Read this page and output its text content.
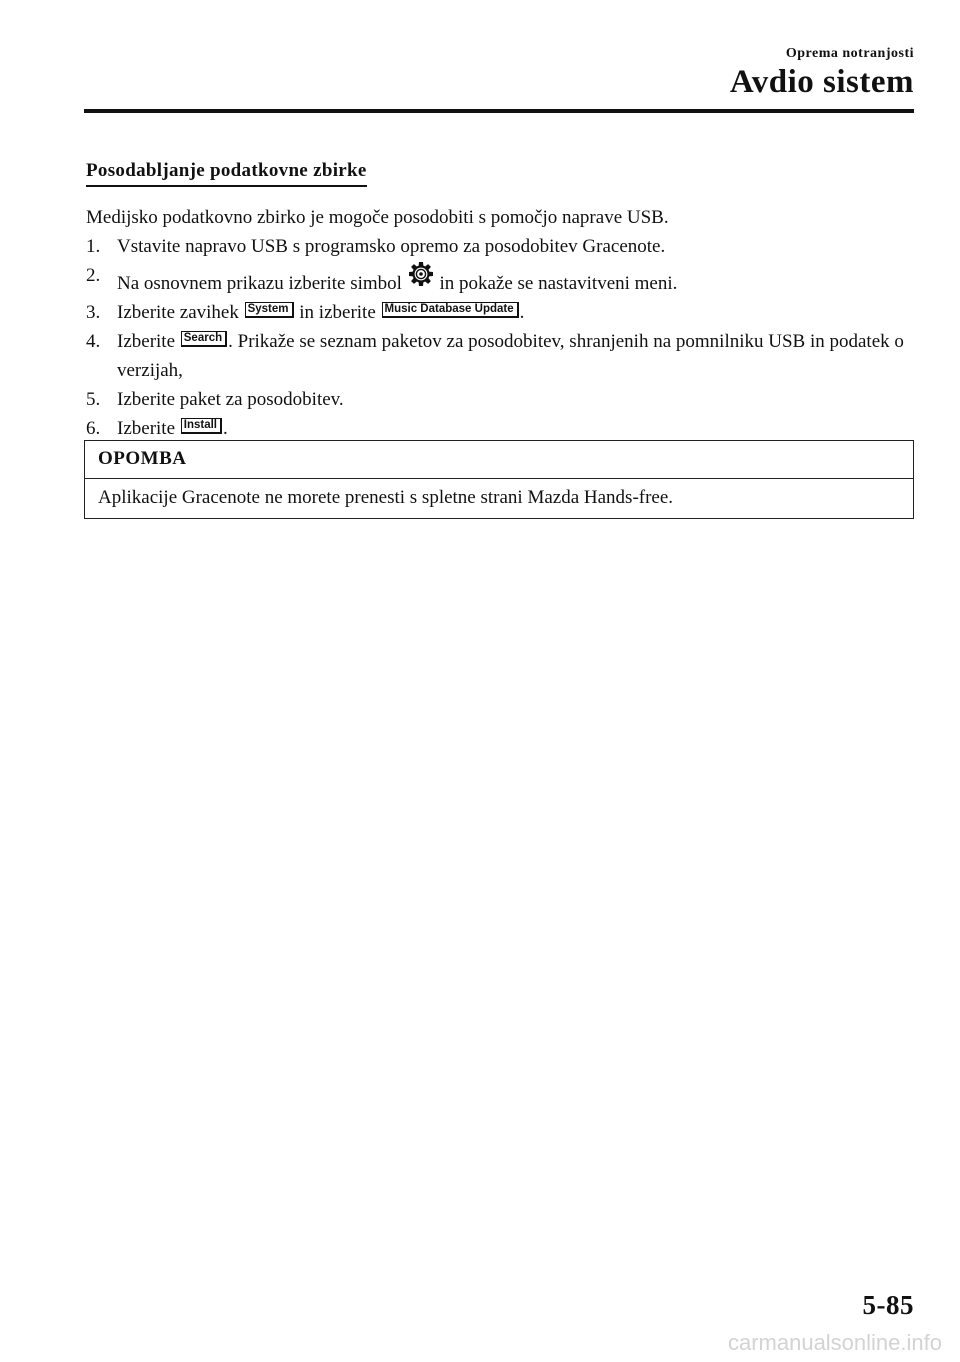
Oprema notranjosti
Avdio sistem
Posodabljanje podatkovne zbirke
Medijsko podatkovno zbirko je mogoče posodobiti s pomočjo naprave USB.
1. Vstavite napravo USB s programsko opremo za posodobitev Gracenote.
2. Na osnovnem prikazu izberite simbol in pokaže se nastavitveni meni.
3. Izberite zavihek System in izberite Music Database Update .
4. Izberite Search . Prikaže se seznam paketov za posodobitev, shranjenih na pomnilniku USB in podatek o verzijah,
5. Izberite paket za posodobitev.
6. Izberite Install .
OPOMBA
Aplikacije Gracenote ne morete prenesti s spletne strani Mazda Hands-free.
5-85
carmanualsonline.info
